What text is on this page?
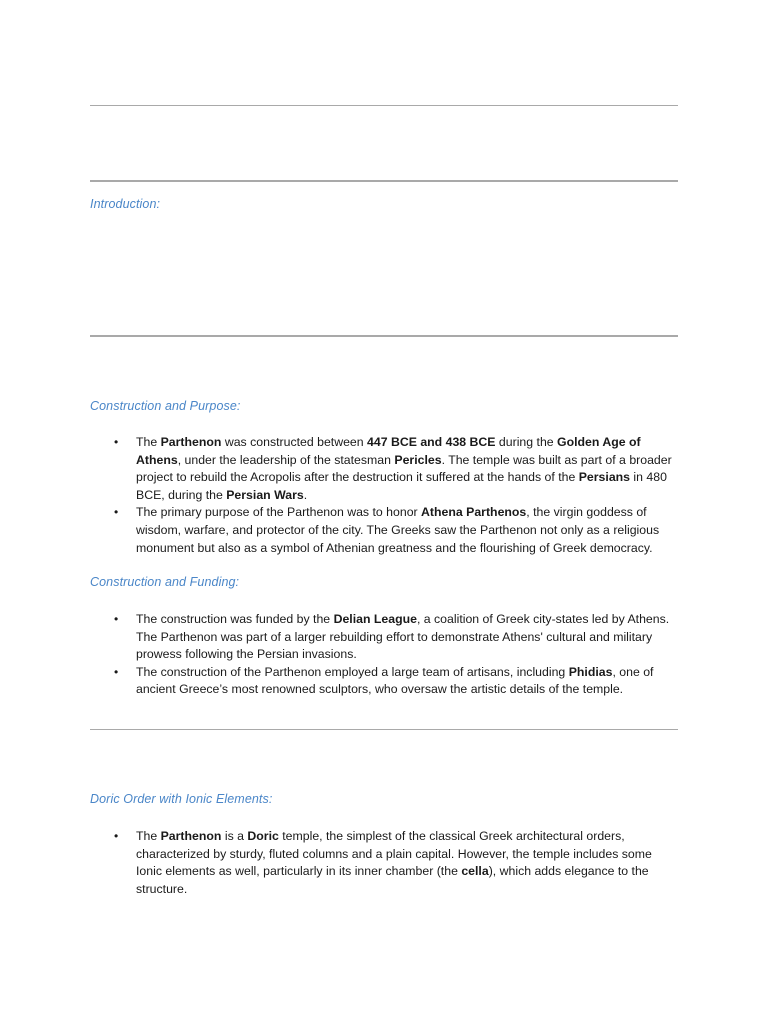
Introduction:
Construction and Purpose:
• The Parthenon was constructed between 447 BCE and 438 BCE during the Golden Age of Athens, under the leadership of the statesman Pericles. The temple was built as part of a broader project to rebuild the Acropolis after the destruction it suffered at the hands of the Persians in 480 BCE, during the Persian Wars.
• The primary purpose of the Parthenon was to honor Athena Parthenos, the virgin goddess of wisdom, warfare, and protector of the city. The Greeks saw the Parthenon not only as a religious monument but also as a symbol of Athenian greatness and the flourishing of Greek democracy.
Construction and Funding:
• The construction was funded by the Delian League, a coalition of Greek city-states led by Athens. The Parthenon was part of a larger rebuilding effort to demonstrate Athens' cultural and military prowess following the Persian invasions.
• The construction of the Parthenon employed a large team of artisans, including Phidias, one of ancient Greece’s most renowned sculptors, who oversaw the artistic details of the temple.
Doric Order with Ionic Elements:
• The Parthenon is a Doric temple, the simplest of the classical Greek architectural orders, characterized by sturdy, fluted columns and a plain capital. However, the temple includes some Ionic elements as well, particularly in its inner chamber (the cella), which adds elegance to the structure.
